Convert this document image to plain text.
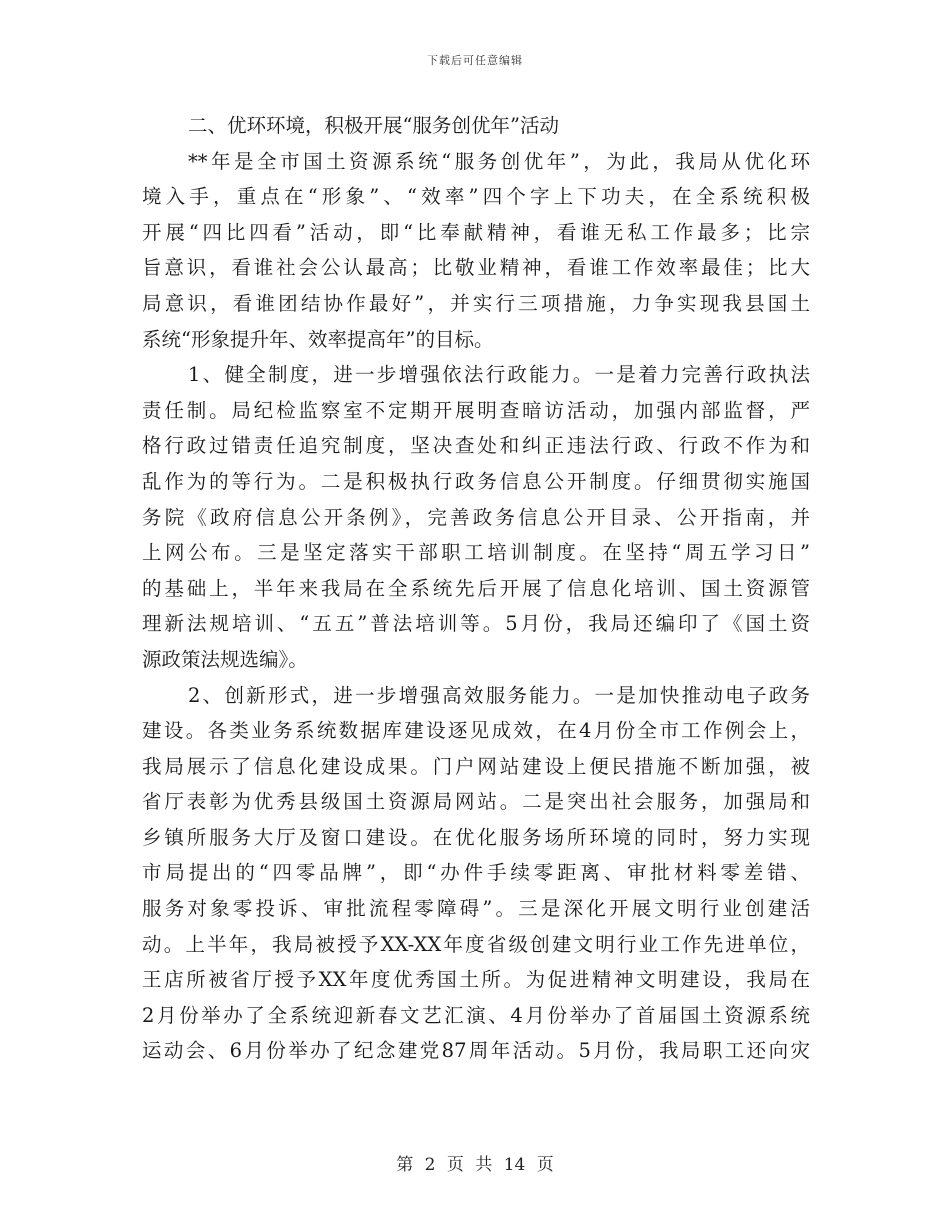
下载后可任意编辑
二、优环环境，积极开展“服务创优年”活动
**年是全市国土资源系统“服务创优年”，为此，我局从优化环
境入手，重点在“形象”、“效率”四个字上下功夫，在全系统积极
开展“四比四看”活动，即“比奉献精神，看谁无私工作最多；比宗
旨意识，看谁社会公认最高；比敬业精神，看谁工作效率最佳；比大
局意识，看谁团结协作最好”，并实行三项措施，力争实现我县国土
系统“形象提升年、效率提高年”的目标。
1、健全制度，进一步增强依法行政能力。一是着力完善行政执法
责任制。局纪检监察室不定期开展明查暗访活动，加强内部监督，严
格行政过错责任追究制度，坚决查处和纠正违法行政、行政不作为和
乱作为的等行为。二是积极执行政务信息公开制度。仔细贯彻实施国
务院《政府信息公开条例》，完善政务信息公开目录、公开指南，并
上网公布。三是坚定落实干部职工培训制度。在坚持“周五学习日”
的基础上，半年来我局在全系统先后开展了信息化培训、国土资源管
理新法规培训、“五五”普法培训等。5月份，我局还编印了《国土资
源政策法规选编》。
2、创新形式，进一步增强高效服务能力。一是加快推动电子政务
建设。各类业务系统数据库建设逐见成效，在4月份全市工作例会上，
我局展示了信息化建设成果。门户网站建设上便民措施不断加强，被
省厅表彰为优秀县级国土资源局网站。二是突出社会服务，加强局和
乡镇所服务大厅及窗口建设。在优化服务场所环境的同时，努力实现
市局提出的“四零品牌”，即“办件手续零距离、审批材料零差错、
服务对象零投诉、审批流程零障碍”。三是深化开展文明行业创建活
动。上半年，我局被授予XX-XX年度省级创建文明行业工作先进单位，
王店所被省厅授予XX年度优秀国土所。为促进精神文明建设，我局在
2月份举办了全系统迎新春文艺汇演、4月份举办了首届国土资源系统
运动会、6月份举办了纪念建党87周年活动。5月份，我局职工还向灾
第 2 页 共 14 页
